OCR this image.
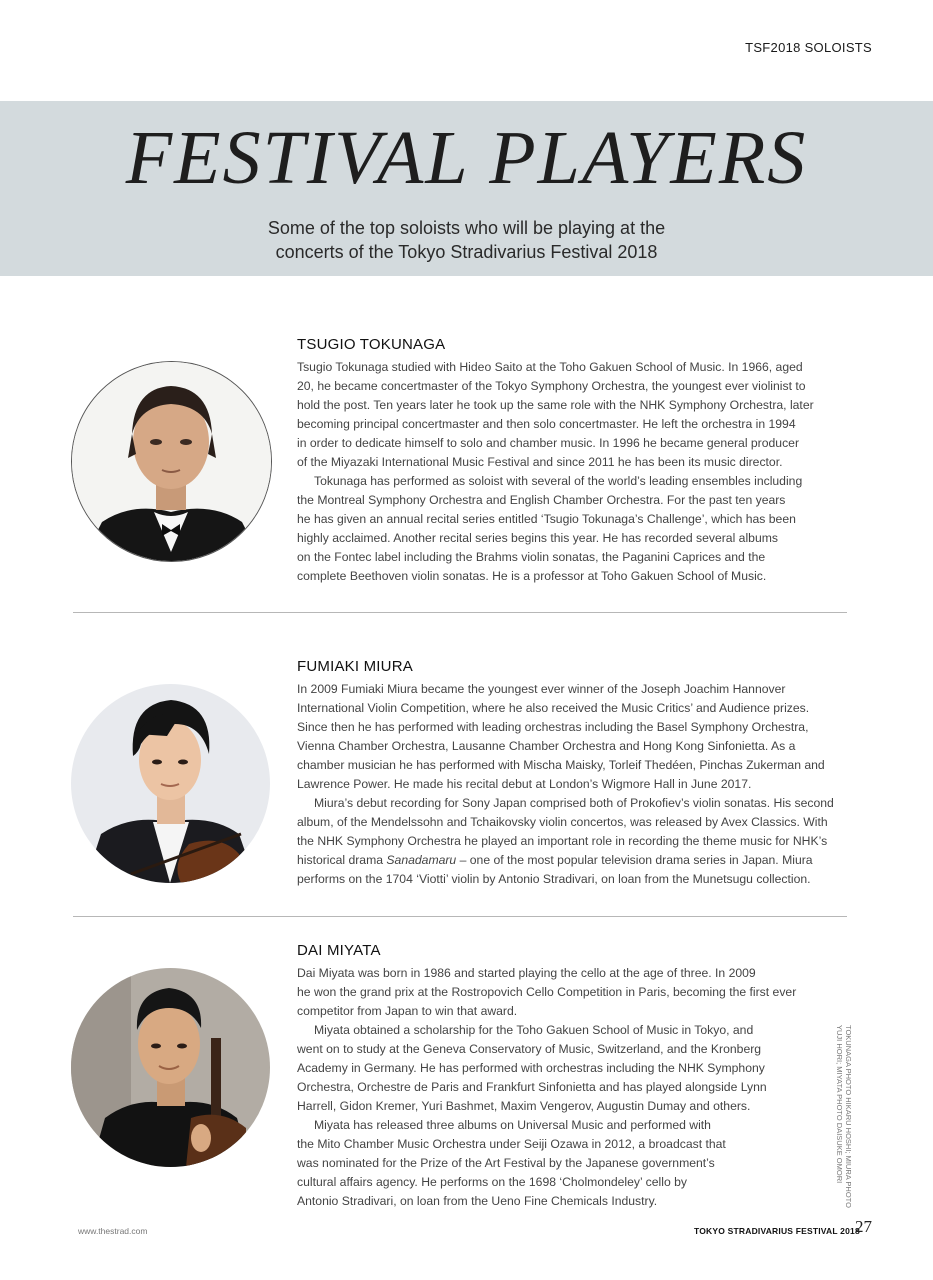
TSF2018 SOLOISTS
FESTIVAL PLAYERS
Some of the top soloists who will be playing at the
concerts of the Tokyo Stradivarius Festival 2018
TSUGIO TOKUNAGA

Tsugio Tokunaga studied with Hideo Saito at the Toho Gakuen School of Music. In 1966, aged
20, he became concertmaster of the Tokyo Symphony Orchestra, the youngest ever violinist to
hold the post. Ten years later he took up the same role with the NHK Symphony Orchestra, later
becoming principal concertmaster and then solo concertmaster. He left the orchestra in 1994
in order to dedicate himself to solo and chamber music. In 1996 he became general producer
of the Miyazaki International Music Festival and since 2011 he has been its music director.
Tokunaga has performed as soloist with several of the world’s leading ensembles including
the Montreal Symphony Orchestra and English Chamber Orchestra. For the past ten years
he has given an annual recital series entitled ‘Tsugio Tokunaga’s Challenge’, which has been
highly acclaimed. Another recital series begins this year. He has recorded several albums
on the Fontec label including the Brahms violin sonatas, the Paganini Caprices and the
complete Beethoven violin sonatas. He is a professor at Toho Gakuen School of Music.

FUMIAKI MIURA

In 2009 Fumiaki Miura became the youngest ever winner of the Joseph Joachim Hannover
International Violin Competition, where he also received the Music Critics’ and Audience prizes.
Since then he has performed with leading orchestras including the Basel Symphony Orchestra,
Vienna Chamber Orchestra, Lausanne Chamber Orchestra and Hong Kong Sinfonietta. As a
chamber musician he has performed with Mischa Maisky, Torleif Thedéen, Pinchas Zukerman and
Lawrence Power. He made his recital debut at London’s Wigmore Hall in June 2017.
Miura’s debut recording for Sony Japan comprised both of Prokofiev’s violin sonatas. His second
album, of the Mendelssohn and Tchaikovsky violin concertos, was released by Avex Classics. With
the NHK Symphony Orchestra he played an important role in recording the theme music for NHK’s
historical drama Sanadamaru – one of the most popular television drama series in Japan. Miura
performs on the 1704 ‘Viotti’ violin by Antonio Stradivari, on loan from the Munetsugu collection.

DAI MIYATA

Dai Miyata was born in 1986 and started playing the cello at the age of three. In 2009
he won the grand prix at the Rostropovich Cello Competition in Paris, becoming the first ever
competitor from Japan to win that award.
Miyata obtained a scholarship for the Toho Gakuen School of Music in Tokyo, and
went on to study at the Geneva Conservatory of Music, Switzerland, and the Kronberg
Academy in Germany. He has performed with orchestras including the NHK Symphony
Orchestra, Orchestre de Paris and Frankfurt Sinfonietta and has played alongside Lynn
Harrell, Gidon Kremer, Yuri Bashmet, Maxim Vengerov, Augustin Dumay and others.
Miyata has released three albums on Universal Music and performed with
the Mito Chamber Music Orchestra under Seiji Ozawa in 2012, a broadcast that
was nominated for the Prize of the Art Festival by the Japanese government’s
cultural affairs agency. He performs on the 1698 ‘Cholmondeley’ cello by
Antonio Stradivari, on loan from the Ueno Fine Chemicals Industry.	TOKUNAGA PHOTO HIKARU HOSHI; MIURA PHOTO
YUJI HORI; MIYATA PHOTO DAISUKE OMORI
www.thestrad.com	TOKYO STRADIVARIUS FESTIVAL 2018
27
